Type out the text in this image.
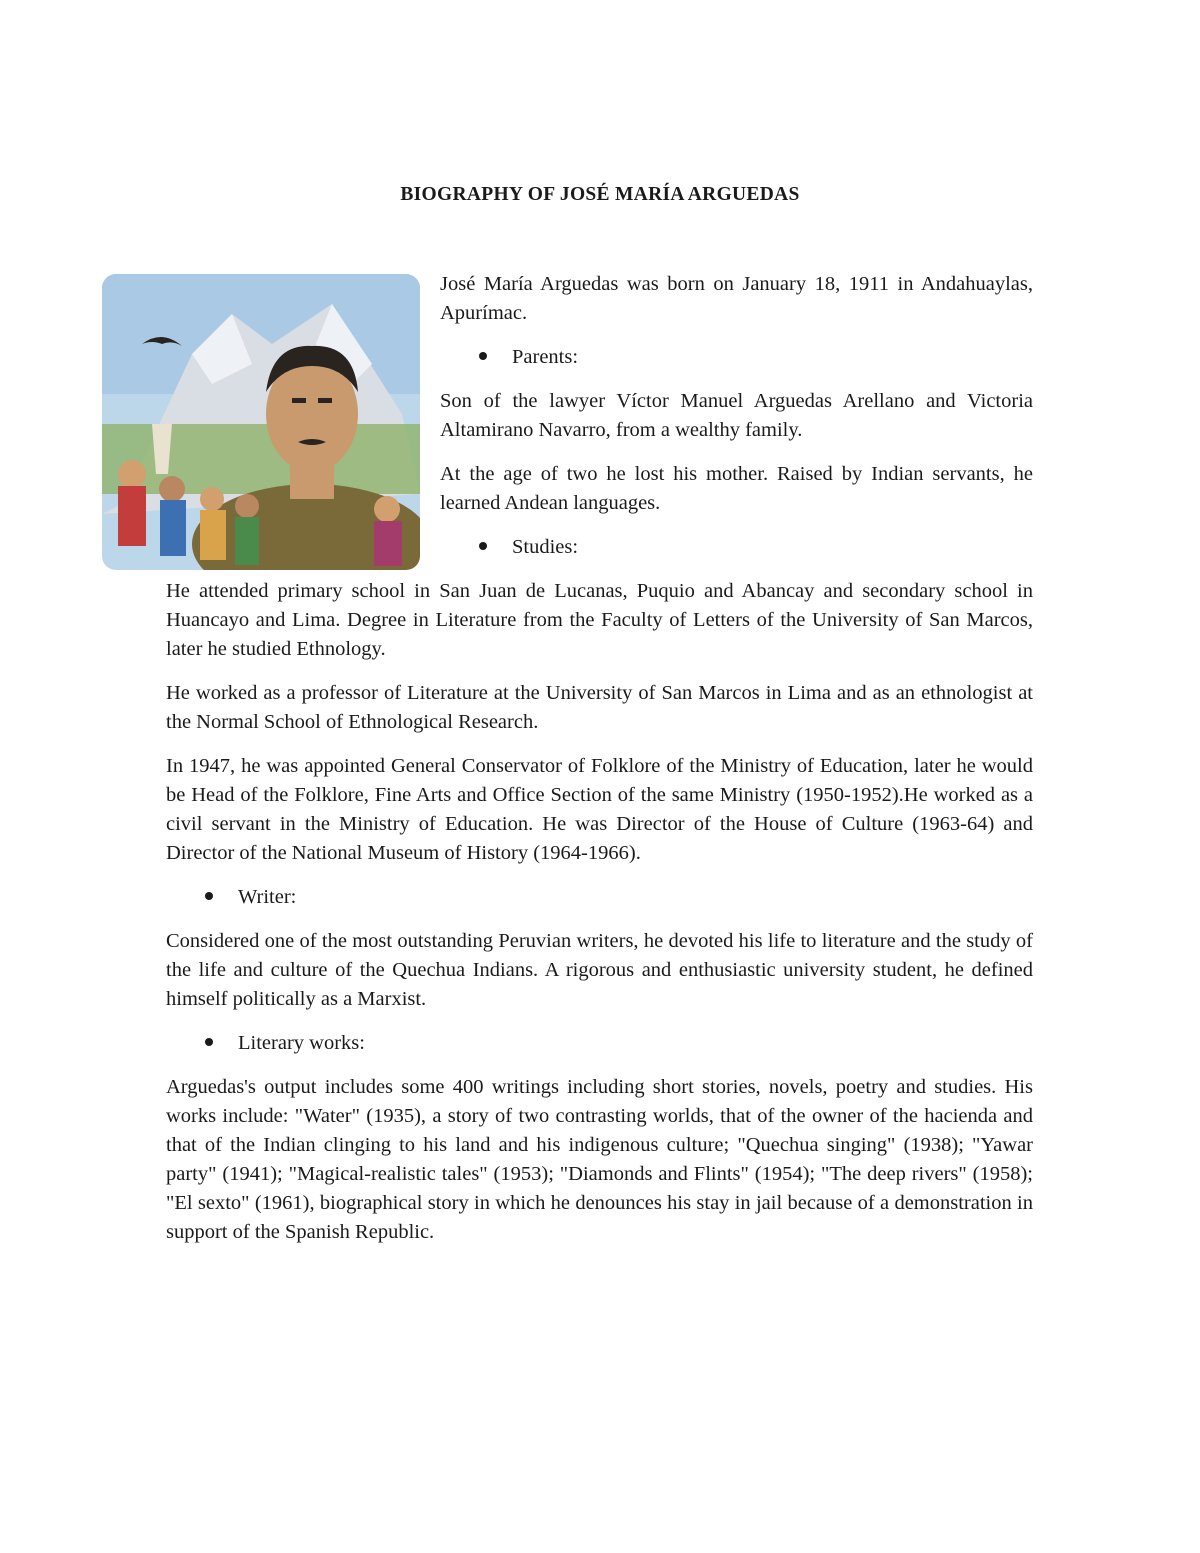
BIOGRAPHY OF JOSÉ MARÍA ARGUEDAS

José María Arguedas was born on January 18, 1911 in Andahuaylas, Apurímac.

Parents:

Son of the lawyer Víctor Manuel Arguedas Arellano and Victoria Altamirano Navarro, from a wealthy family.

At the age of two he lost his mother. Raised by Indian servants, he learned Andean languages.

Studies:

He attended primary school in San Juan de Lucanas, Puquio and Abancay and secondary school in Huancayo and Lima. Degree in Literature from the Faculty of Letters of the University of San Marcos, later he studied Ethnology.

He worked as a professor of Literature at the University of San Marcos in Lima and as an ethnologist at the Normal School of Ethnological Research.

In 1947, he was appointed General Conservator of Folklore of the Ministry of Education, later he would be Head of the Folklore, Fine Arts and Office Section of the same Ministry (1950-1952).He worked as a civil servant in the Ministry of Education. He was Director of the House of Culture (1963-64) and Director of the National Museum of History (1964-1966).

Writer:

Considered one of the most outstanding Peruvian writers, he devoted his life to literature and the study of the life and culture of the Quechua Indians. A rigorous and enthusiastic university student, he defined himself politically as a Marxist.

Literary works:

Arguedas's output includes some 400 writings including short stories, novels, poetry and studies. His works include: "Water" (1935), a story of two contrasting worlds, that of the owner of the hacienda and that of the Indian clinging to his land and his indigenous culture; "Quechua singing" (1938); "Yawar party" (1941); "Magical-realistic tales" (1953); "Diamonds and Flints" (1954); "The deep rivers" (1958); "El sexto" (1961), biographical story in which he denounces his stay in jail because of a demonstration in support of the Spanish Republic.
